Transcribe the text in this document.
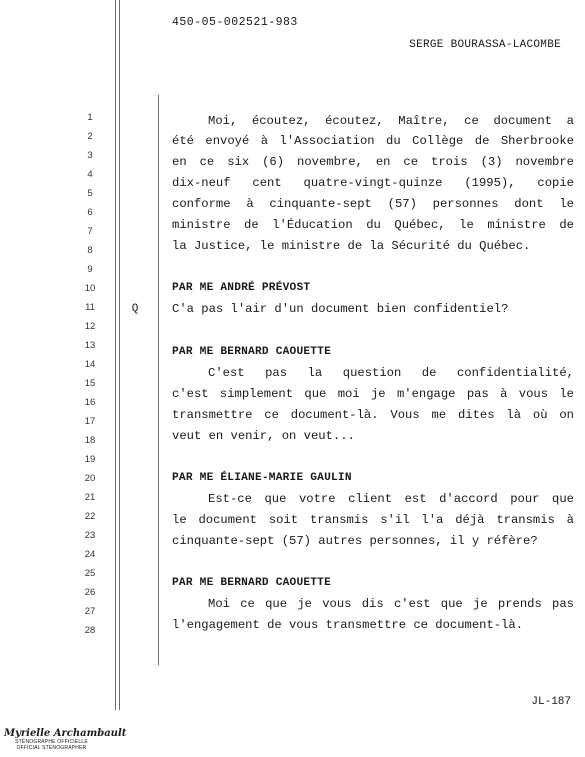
450-05-002521-983
SERGE BOURASSA-LACOMBE
1
2
3
4
5
6
7
8
9
10
11
12
13
14
15
16
17
18
19
20
21
22
23
24
25
26
27
28
Q
Moi, écoutez, écoutez, Maître, ce document a
été envoyé à l'Association du Collège de Sherbrooke
en ce six (6) novembre, en ce trois (3) novembre
dix-neuf cent quatre-vingt-quinze (1995), copie
conforme à cinquante-sept (57) personnes dont le
ministre de l'Éducation du Québec, le ministre de
la Justice, le ministre de la Sécurité du Québec.
PAR ME ANDRÉ PRÉVOST
C'a pas l'air d'un document bien confidentiel?
PAR ME BERNARD CAOUETTE
C'est pas la question de confidentialité,
c'est simplement que moi je m'engage pas à vous le
transmettre ce document-là. Vous me dites là où on
veut en venir, on veut...
PAR ME ÉLIANE-MARIE GAULIN
Est-ce que votre client est d'accord pour que
le document soit transmis s'il l'a déjà transmis à
cinquante-sept (57) autres personnes, il y réfère?
PAR ME BERNARD CAOUETTE
Moi ce que je vous dis c'est que je prends pas
l'engagement de vous transmettre ce document-là.
JL-187
Myrielle Archambault
STÉNOGRAPHE OFFICIELLE
OFFICIAL STENOGRAPHER
